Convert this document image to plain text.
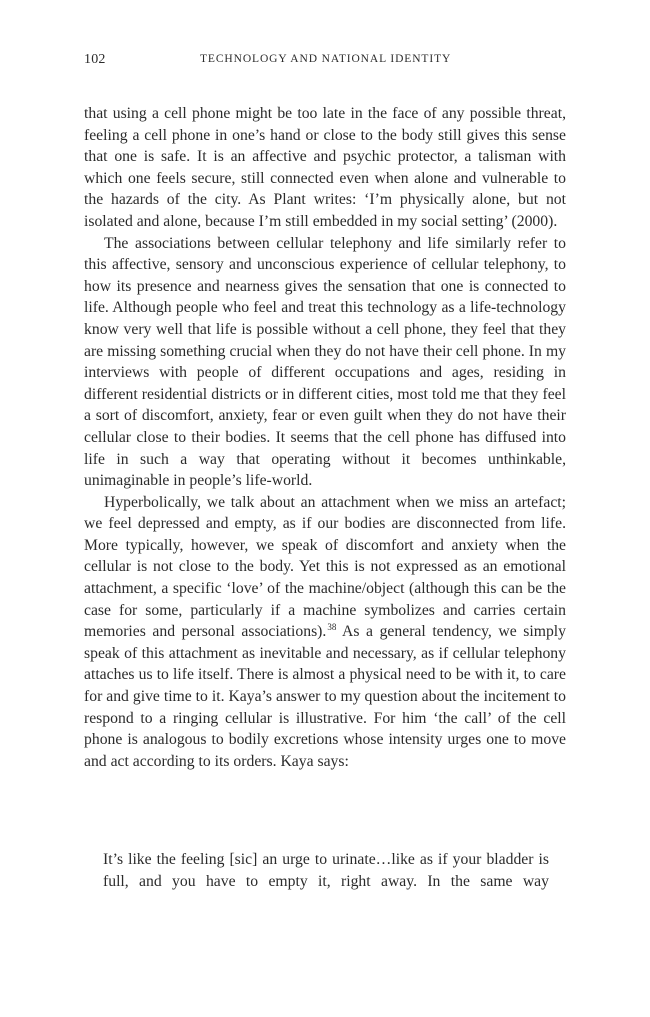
102	TECHNOLOGY AND NATIONAL IDENTITY

that using a cell phone might be too late in the face of any possible threat, feeling a cell phone in one’s hand or close to the body still gives this sense that one is safe. It is an affective and psychic protector, a talisman with which one feels secure, still connected even when alone and vulnerable to the hazards of the city. As Plant writes: ‘I’m physically alone, but not isolated and alone, because I’m still embedded in my social setting’ (2000).

The associations between cellular telephony and life similarly refer to this affective, sensory and unconscious experience of cellular telephony, to how its presence and nearness gives the sensation that one is connected to life. Although people who feel and treat this technology as a life-technology know very well that life is possible without a cell phone, they feel that they are missing something crucial when they do not have their cell phone. In my interviews with people of different occupations and ages, residing in different residential districts or in different cities, most told me that they feel a sort of discomfort, anxiety, fear or even guilt when they do not have their cellular close to their bodies. It seems that the cell phone has diffused into life in such a way that operating without it becomes unthinkable, unimaginable in people’s life-world.

Hyperbolically, we talk about an attachment when we miss an artefact; we feel depressed and empty, as if our bodies are disconnected from life. More typically, however, we speak of discomfort and anxiety when the cellular is not close to the body. Yet this is not expressed as an emotional attachment, a specific ‘love’ of the machine/object (although this can be the case for some, particularly if a machine symbolizes and carries certain memories and personal associations).$^{38}$ As a general tendency, we simply speak of this attachment as inevitable and necessary, as if cellular telephony attaches us to life itself. There is almost a physical need to be with it, to care for and give time to it. Kaya’s answer to my question about the incitement to respond to a ringing cellular is illustrative. For him ‘the call’ of the cell phone is analogous to bodily excretions whose intensity urges one to move and act according to its orders. Kaya says:

It’s like the feeling [sic] an urge to urinate…like as if your bladder is full, and you have to empty it, right away. In the same way
